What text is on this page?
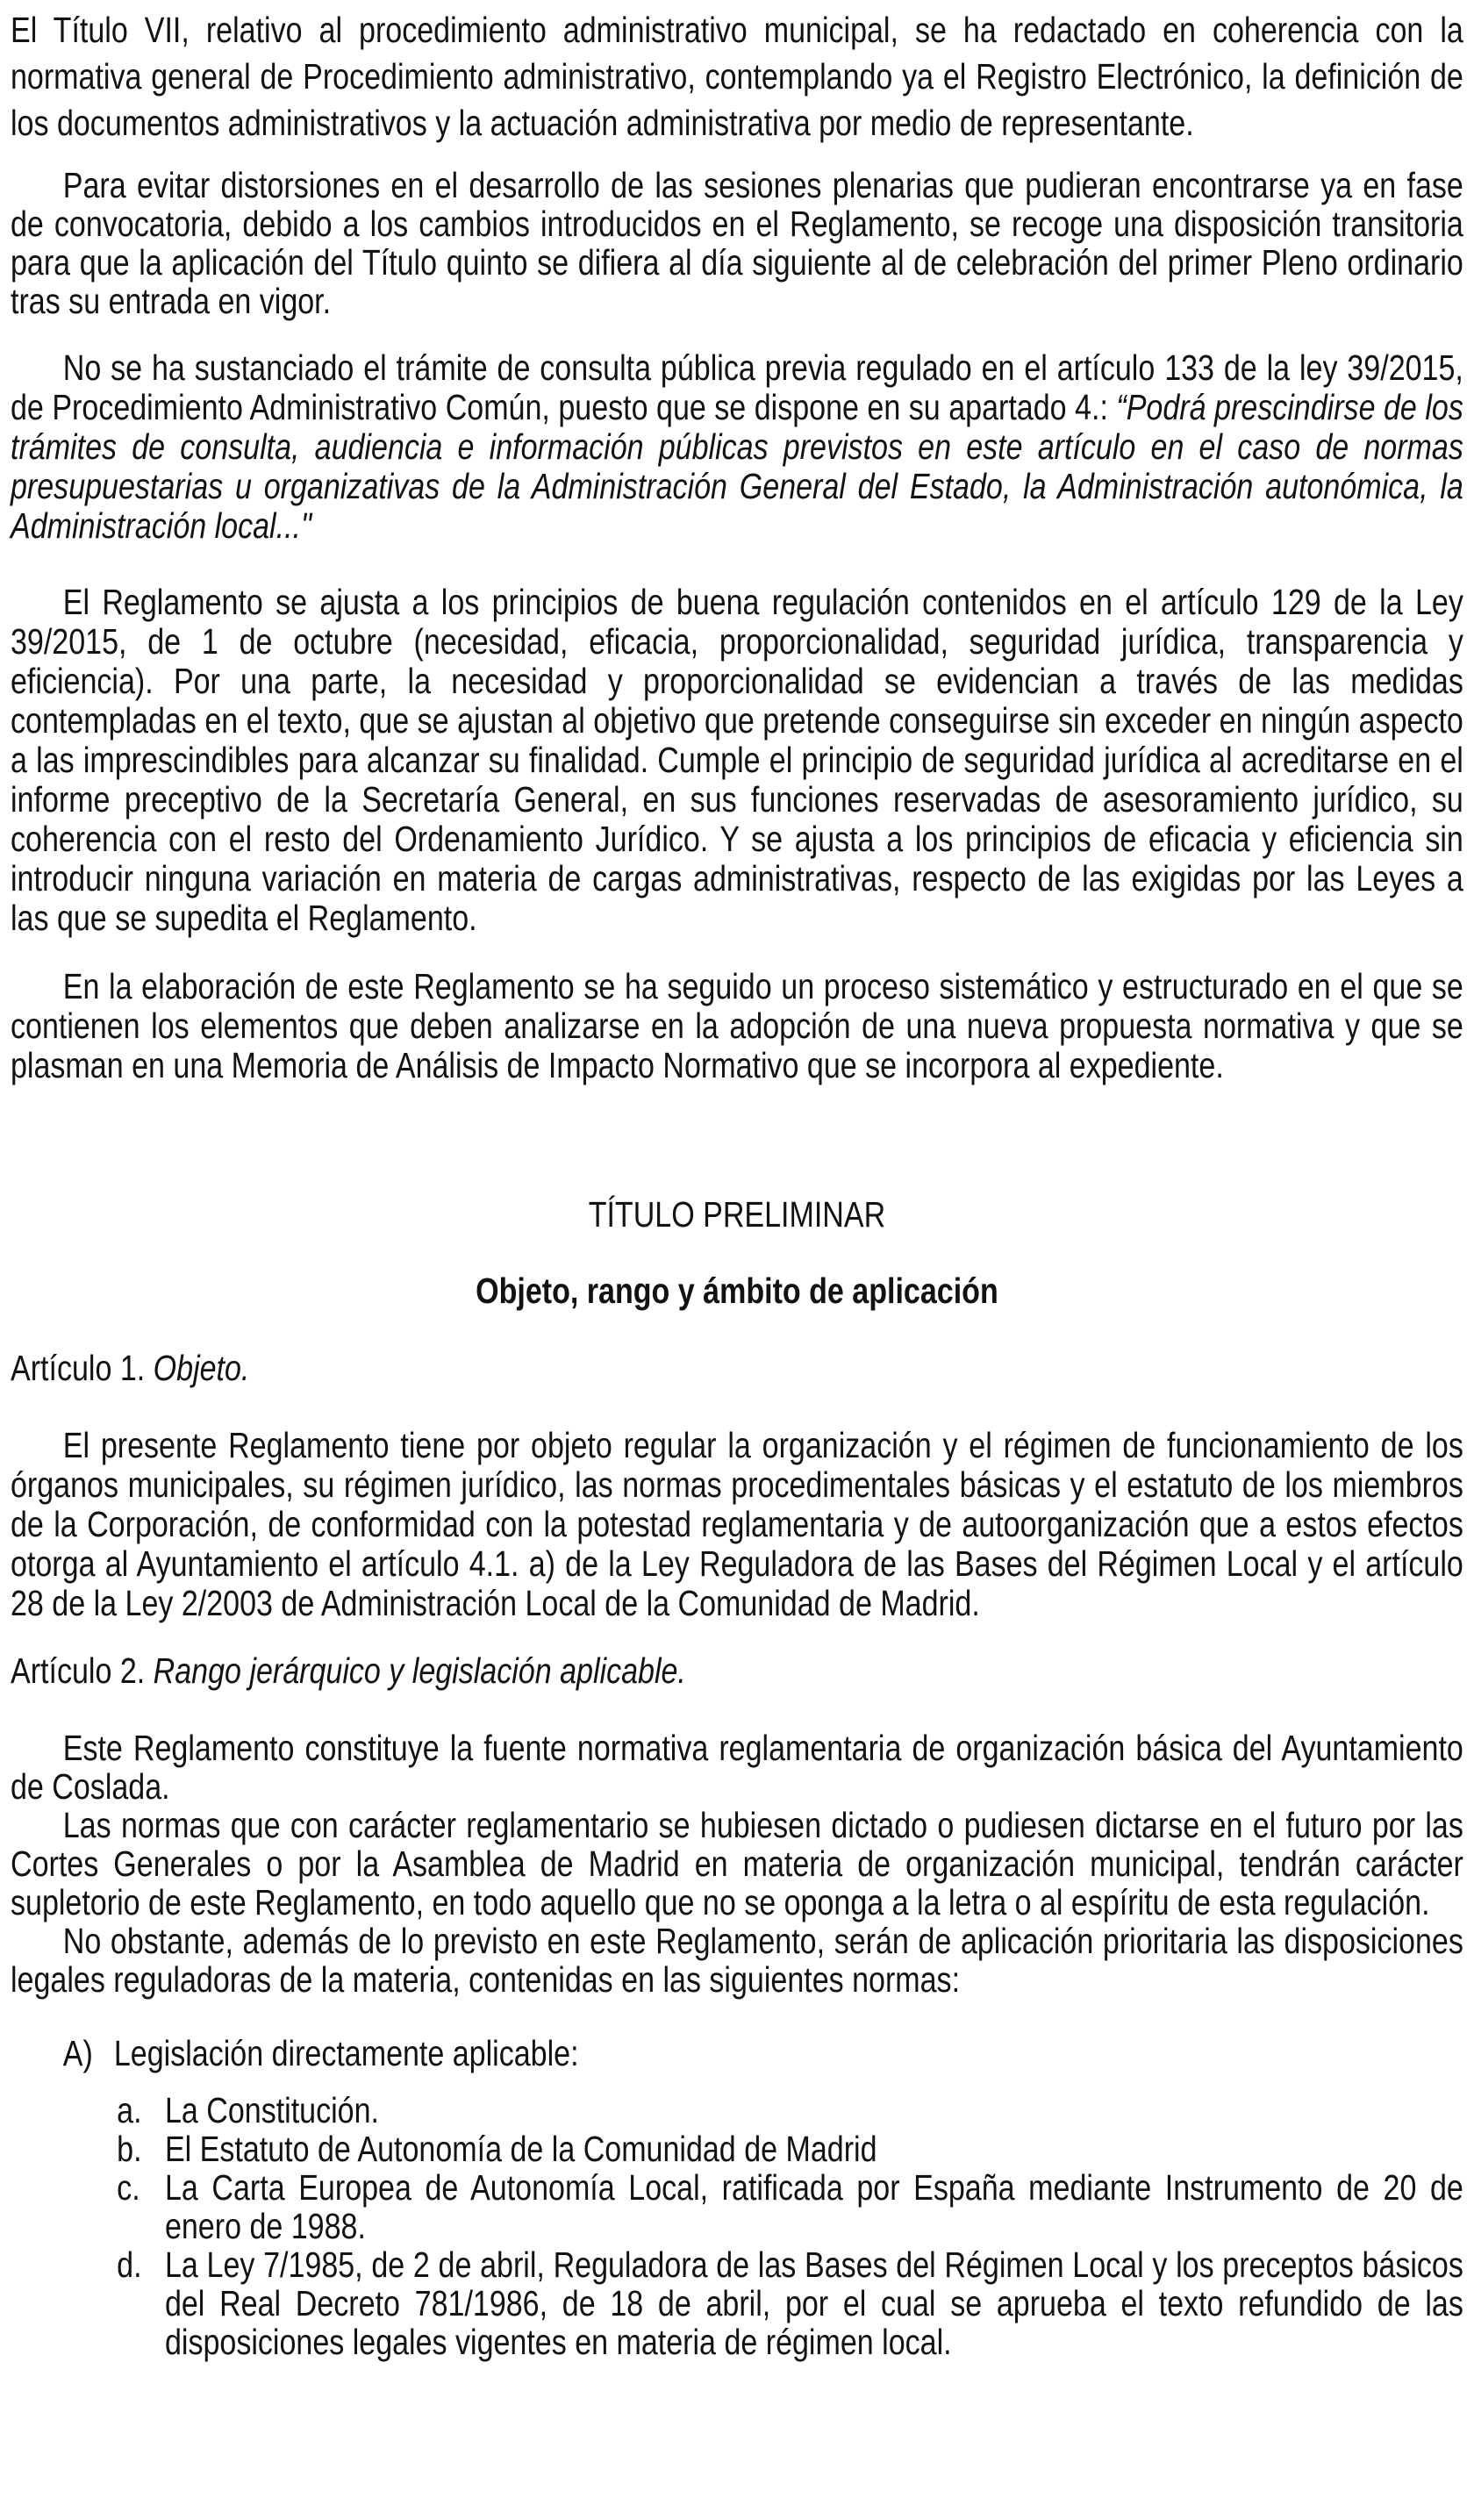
El Título VII, relativo al procedimiento administrativo municipal, se ha redactado en coherencia con la normativa general de Procedimiento administrativo, contemplando ya el Registro Electrónico, la definición de los documentos administrativos y la actuación administrativa por medio de representante.

Para evitar distorsiones en el desarrollo de las sesiones plenarias que pudieran encontrarse ya en fase de convocatoria, debido a los cambios introducidos en el Reglamento, se recoge una disposición transitoria para que la aplicación del Título quinto se difiera al día siguiente al de celebración del primer Pleno ordinario tras su entrada en vigor.

No se ha sustanciado el trámite de consulta pública previa regulado en el artículo 133 de la ley 39/2015, de Procedimiento Administrativo Común, puesto que se dispone en su apartado 4.: “Podrá prescindirse de los trámites de consulta, audiencia e información públicas previstos en este artículo en el caso de normas presupuestarias u organizativas de la Administración General del Estado, la Administración autonómica, la Administración local..."

El Reglamento se ajusta a los principios de buena regulación contenidos en el artículo 129 de la Ley 39/2015, de 1 de octubre (necesidad, eficacia, proporcionalidad, seguridad jurídica, transparencia y eficiencia). Por una parte, la necesidad y proporcionalidad se evidencian a través de las medidas contempladas en el texto, que se ajustan al objetivo que pretende conseguirse sin exceder en ningún aspecto a las imprescindibles para alcanzar su finalidad. Cumple el principio de seguridad jurídica al acreditarse en el informe preceptivo de la Secretaría General, en sus funciones reservadas de asesoramiento jurídico, su coherencia con el resto del Ordenamiento Jurídico. Y se ajusta a los principios de eficacia y eficiencia sin introducir ninguna variación en materia de cargas administrativas, respecto de las exigidas por las Leyes a las que se supedita el Reglamento.

En la elaboración de este Reglamento se ha seguido un proceso sistemático y estructurado en el que se contienen los elementos que deben analizarse en la adopción de una nueva propuesta normativa y que se plasman en una Memoria de Análisis de Impacto Normativo que se incorpora al expediente.

TÍTULO PRELIMINAR
Objeto, rango y ámbito de aplicación

Artículo 1. Objeto.

El presente Reglamento tiene por objeto regular la organización y el régimen de funcionamiento de los órganos municipales, su régimen jurídico, las normas procedimentales básicas y el estatuto de los miembros de la Corporación, de conformidad con la potestad reglamentaria y de autoorganización que a estos efectos otorga al Ayuntamiento el artículo 4.1. a) de la Ley Reguladora de las Bases del Régimen Local y el artículo 28 de la Ley 2/2003 de Administración Local de la Comunidad de Madrid.

Artículo 2. Rango jerárquico y legislación aplicable.

Este Reglamento constituye la fuente normativa reglamentaria de organización básica del Ayuntamiento de Coslada.

Las normas que con carácter reglamentario se hubiesen dictado o pudiesen dictarse en el futuro por las Cortes Generales o por la Asamblea de Madrid en materia de organización municipal, tendrán carácter supletorio de este Reglamento, en todo aquello que no se oponga a la letra o al espíritu de esta regulación.

No obstante, además de lo previsto en este Reglamento, serán de aplicación prioritaria las disposiciones legales reguladoras de la materia, contenidas en las siguientes normas:

A) Legislación directamente aplicable:
a. La Constitución.
b. El Estatuto de Autonomía de la Comunidad de Madrid
c. La Carta Europea de Autonomía Local, ratificada por España mediante Instrumento de 20 de enero de 1988.
d. La Ley 7/1985, de 2 de abril, Reguladora de las Bases del Régimen Local y los preceptos básicos del Real Decreto 781/1986, de 18 de abril, por el cual se aprueba el texto refundido de las disposiciones legales vigentes en materia de régimen local.
